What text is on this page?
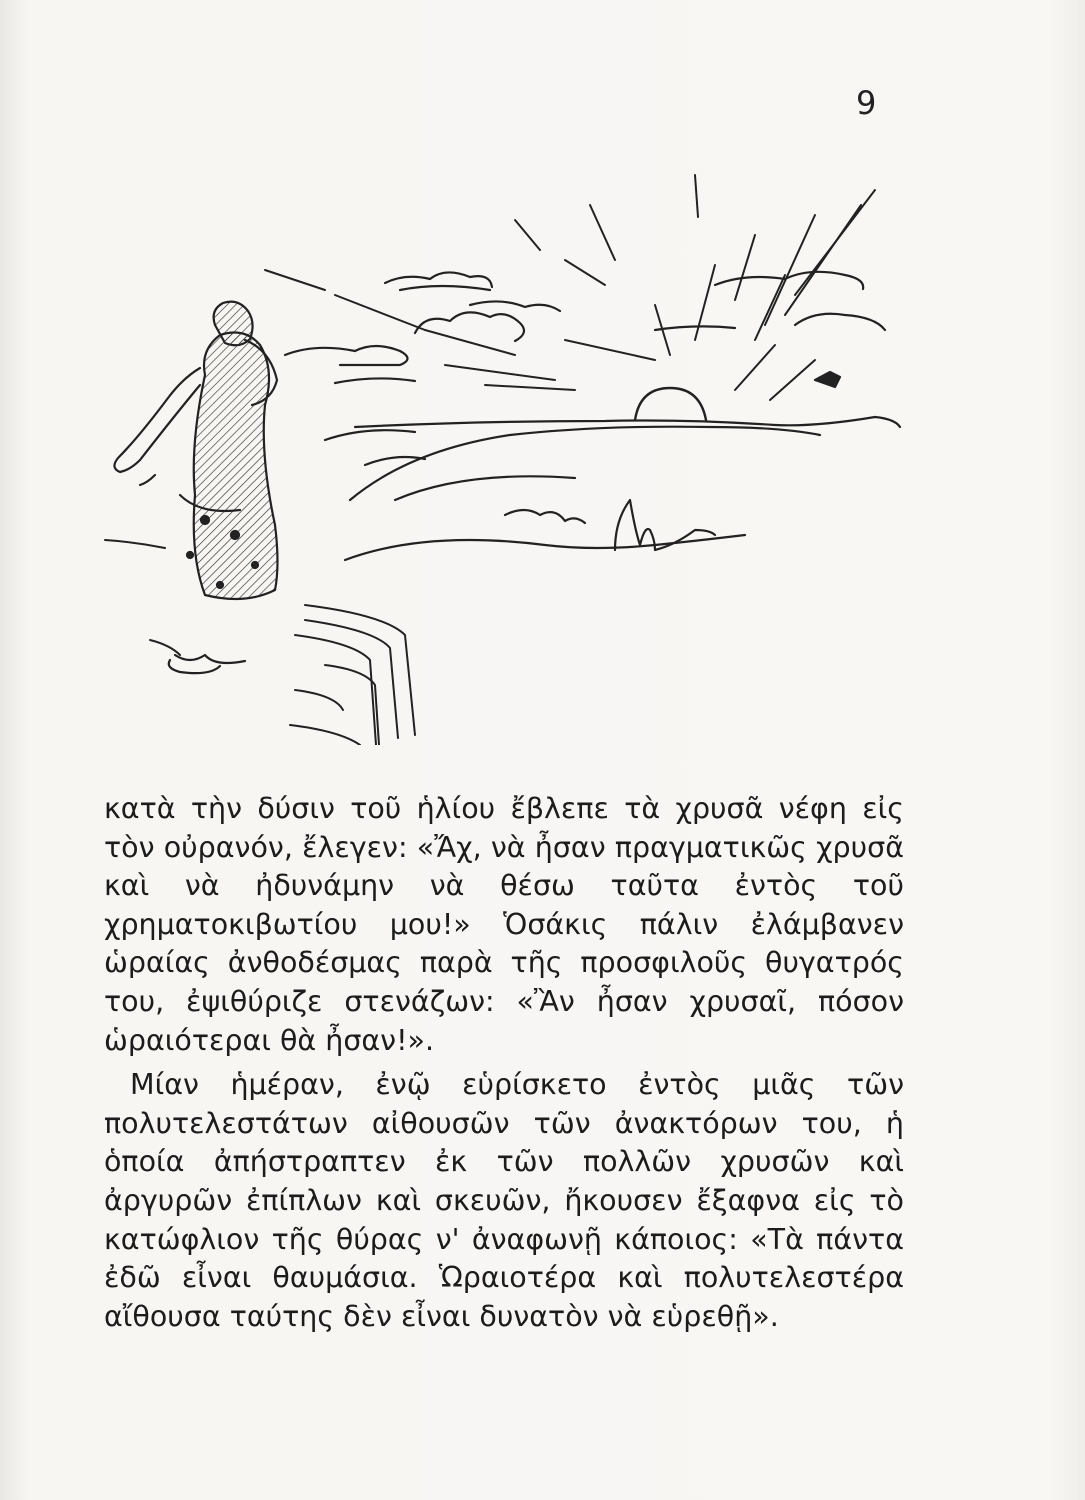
9

κατὰ τὴν δύσιν τοῦ ἡλίου ἔβλεπε τὰ χρυσᾶ νέφη εἰς τὸν οὐρανόν, ἔλεγεν: «Ἄχ, νὰ ἦσαν πραγματικῶς χρυσᾶ καὶ νὰ ἠδυνάμην νὰ θέσω ταῦτα ἐντὸς τοῦ χρηματοκιβωτίου μου!» Ὁσάκις πάλιν ἐλάμβανεν ὡραίας ἀνθοδέσμας παρὰ τῆς προσφιλοῦς θυγατρός του, ἐψιθύριζε στενάζων: «Ἂν ἦσαν χρυσαῖ, πόσον ὡραιότεραι θὰ ἦσαν!».

Μίαν ἡμέραν, ἐνῷ εὑρίσκετο ἐντὸς μιᾶς τῶν πολυτελεστάτων αἰθουσῶν τῶν ἀνακτόρων του, ἡ ὁποία ἀπήστραπτεν ἐκ τῶν πολλῶν χρυσῶν καὶ ἀργυρῶν ἐπίπλων καὶ σκευῶν, ἤκουσεν ἔξαφνα εἰς τὸ κατώφλιον τῆς θύρας ν' ἀναφωνῇ κάποιος: «Τὰ πάντα ἐδῶ εἶναι θαυμάσια. Ὡραιοτέρα καὶ πολυτελεστέρα αἴθουσα ταύτης δὲν εἶναι δυνατὸν νὰ εὑρεθῇ».
